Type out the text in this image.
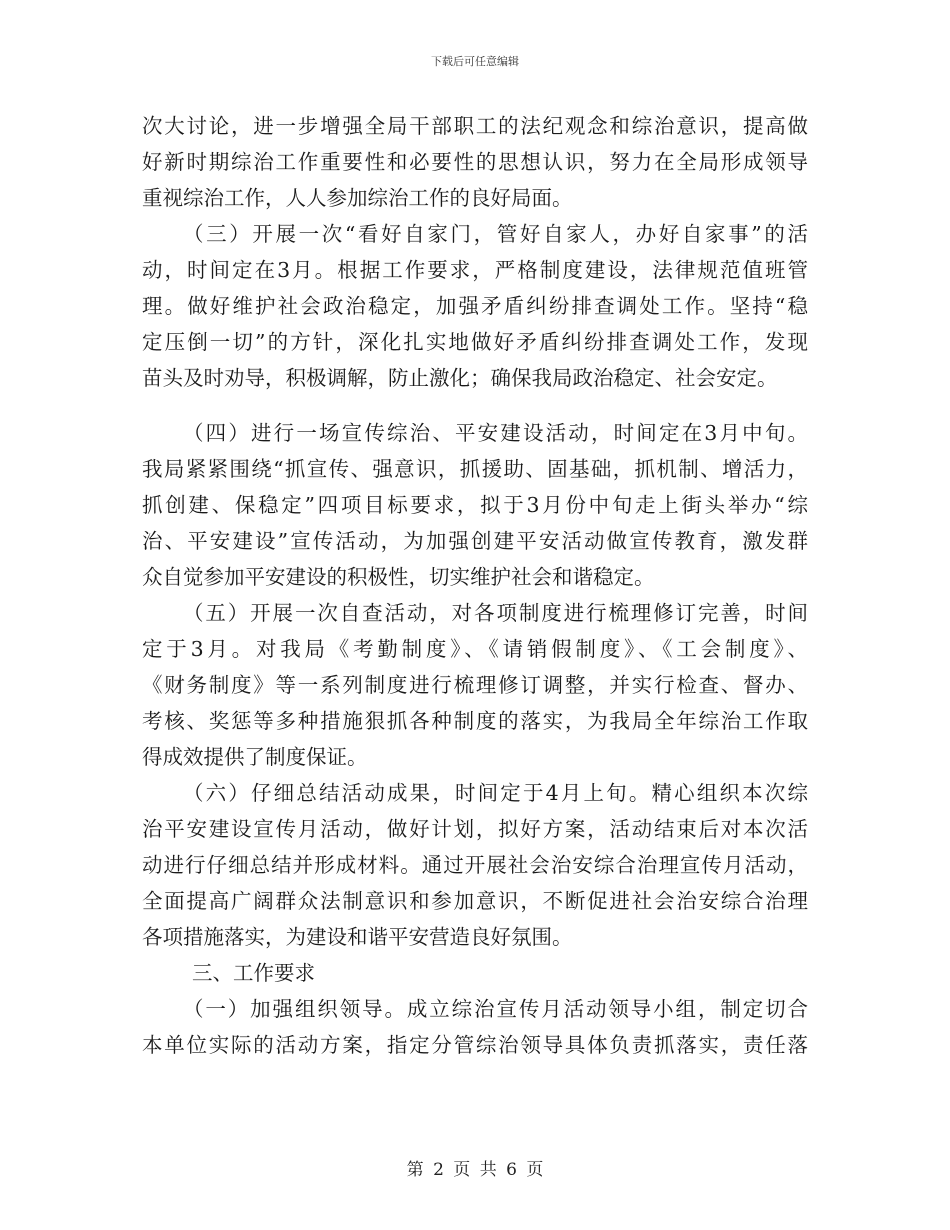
下载后可任意编辑
次大讨论，进一步增强全局干部职工的法纪观念和综治意识，提高做
好新时期综治工作重要性和必要性的思想认识，努力在全局形成领导
重视综治工作，人人参加综治工作的良好局面。
（三）开展一次“看好自家门，管好自家人，办好自家事”的活
动，时间定在3月。根据工作要求，严格制度建设，法律规范值班管
理。做好维护社会政治稳定，加强矛盾纠纷排查调处工作。坚持“稳
定压倒一切”的方针，深化扎实地做好矛盾纠纷排查调处工作，发现
苗头及时劝导，积极调解，防止激化；确保我局政治稳定、社会安定。
（四）进行一场宣传综治、平安建设活动，时间定在3月中旬。
我局紧紧围绕“抓宣传、强意识，抓援助、固基础，抓机制、增活力，
抓创建、保稳定”四项目标要求，拟于3月份中旬走上街头举办“综
治、平安建设”宣传活动，为加强创建平安活动做宣传教育，激发群
众自觉参加平安建设的积极性，切实维护社会和谐稳定。
（五）开展一次自查活动，对各项制度进行梳理修订完善，时间
定于3月。对我局《考勤制度》、《请销假制度》、《工会制度》、
《财务制度》等一系列制度进行梳理修订调整，并实行检查、督办、
考核、奖惩等多种措施狠抓各种制度的落实，为我局全年综治工作取
得成效提供了制度保证。
（六）仔细总结活动成果，时间定于4月上旬。精心组织本次综
治平安建设宣传月活动，做好计划，拟好方案，活动结束后对本次活
动进行仔细总结并形成材料。通过开展社会治安综合治理宣传月活动，
全面提高广阔群众法制意识和参加意识，不断促进社会治安综合治理
各项措施落实，为建设和谐平安营造良好氛围。
三、工作要求
（一）加强组织领导。成立综治宣传月活动领导小组，制定切合
本单位实际的活动方案，指定分管综治领导具体负责抓落实，责任落
第 2 页 共 6 页
